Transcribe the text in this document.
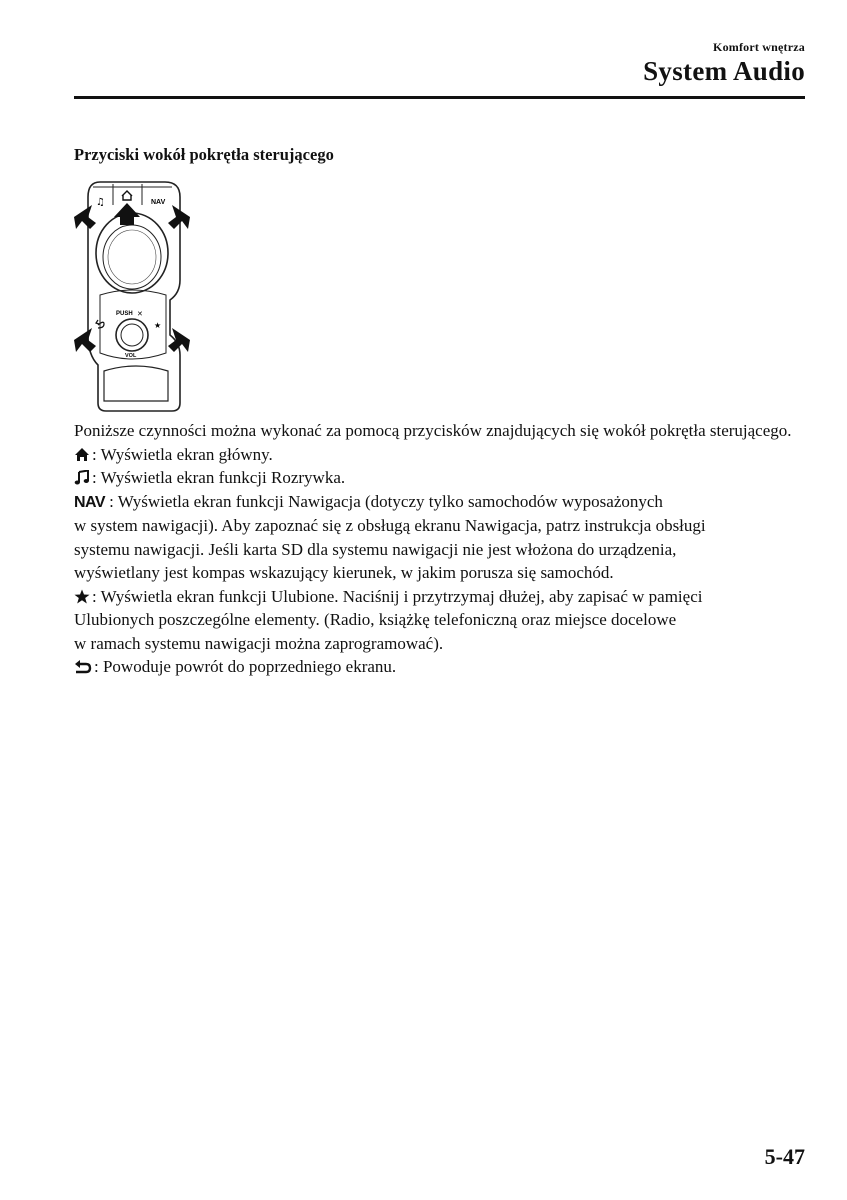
Komfort wnętrza
System Audio
Przyciski wokół pokrętła sterującego
♫	NAV
PUSH ✕
VOL
★

Poniższe czynności można wykonać za pomocą przycisków znajdujących się wokół pokrętła sterującego.

: Wyświetla ekran główny.

: Wyświetla ekran funkcji Rozrywka.

NAV : Wyświetla ekran funkcji Nawigacja (dotyczy tylko samochodów wyposażonych

w system nawigacji). Aby zapoznać się z obsługą ekranu Nawigacja, patrz instrukcja obsługi

systemu nawigacji. Jeśli karta SD dla systemu nawigacji nie jest włożona do urządzenia,

wyświetlany jest kompas wskazujący kierunek, w jakim porusza się samochód.

: Wyświetla ekran funkcji Ulubione. Naciśnij i przytrzymaj dłużej, aby zapisać w pamięci

Ulubionych poszczególne elementy. (Radio, książkę telefoniczną oraz miejsce docelowe

w ramach systemu nawigacji można zaprogramować).

: Powoduje powrót do poprzedniego ekranu.

5-47
